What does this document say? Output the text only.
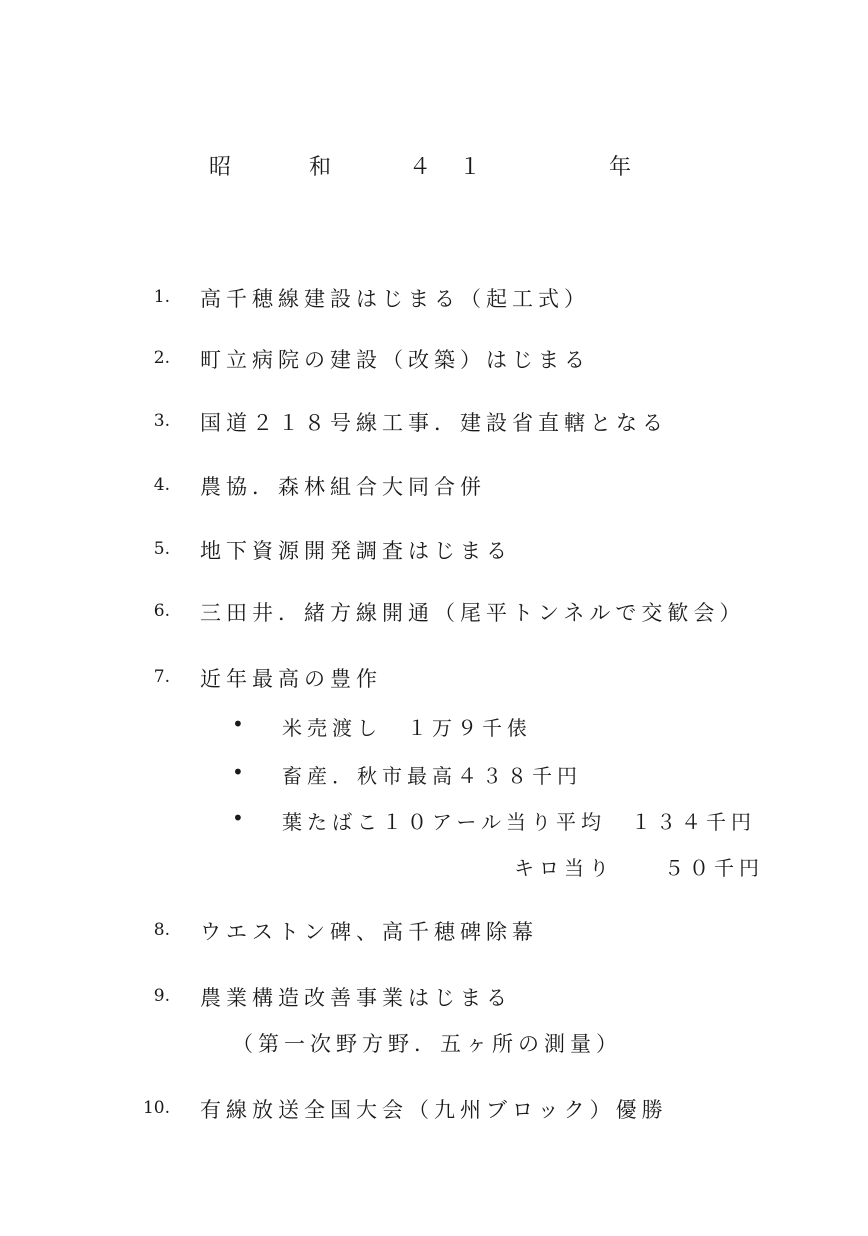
昭　和　４１　　年
1. 高千穂線建設はじまる（起工式）
2. 町立病院の建設（改築）はじまる
3. 国道２１８号線工事．建設省直轄となる
4. 農協．森林組合大同合併
5. 地下資源開発調査はじまる
6. 三田井．緒方線開通（尾平トンネルで交歓会）
7. 近年最高の豊作
• 米売渡し　１万９千俵
• 畜産．秋市最高４３８千円
• 葉たばこ１０アール当り平均　１３４千円
キロ当り　　５０千円
8. ウエストン碑、高千穂碑除幕
9. 農業構造改善事業はじまる
（第一次野方野．五ヶ所の測量）
10. 有線放送全国大会（九州ブロック）優勝
